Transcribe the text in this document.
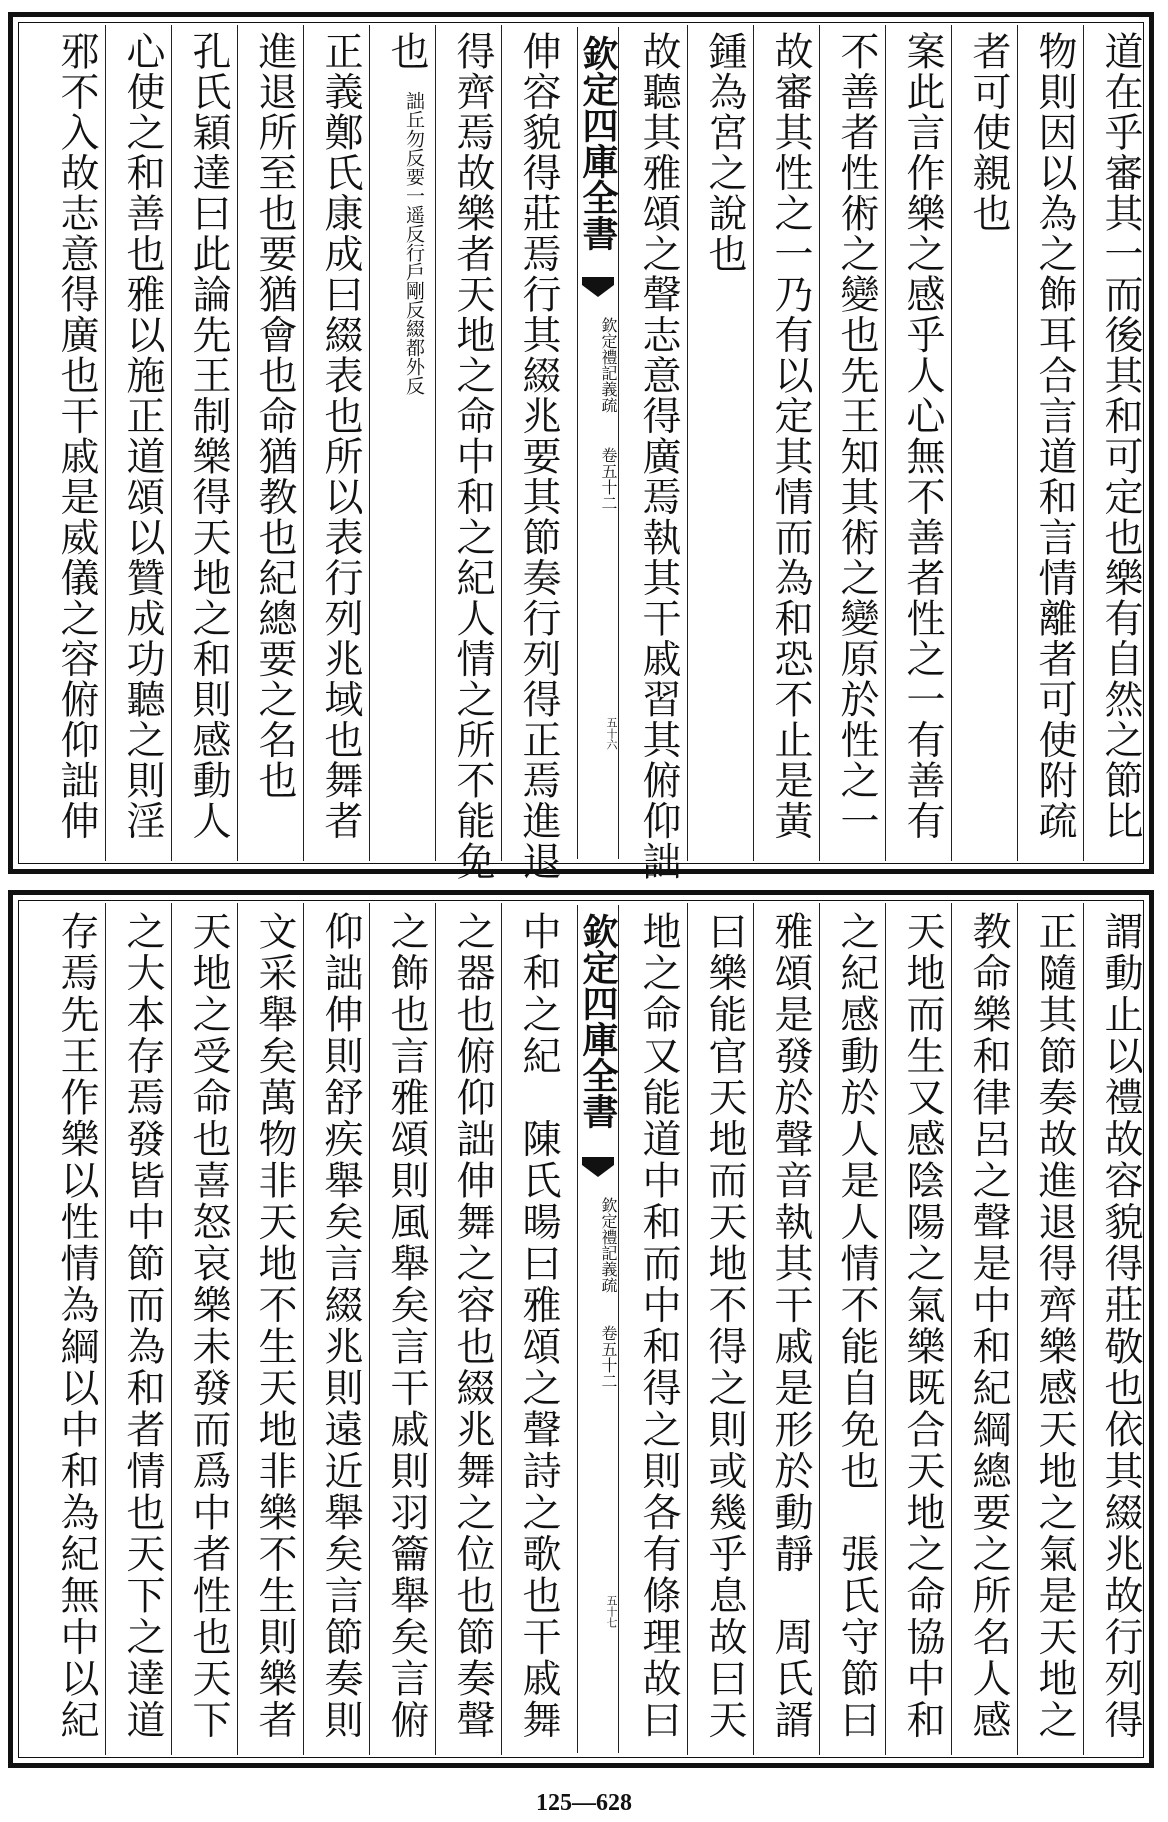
道在乎審其一而後其和可定也樂有自然之節比
物則因以為之飾耳合言道和言情離者可使附疏
者可使親也
案此言作樂之感乎人心無不善者性之一有善有
不善者性術之變也先王知其術之變原於性之一
故審其性之一乃有以定其情而為和恐不止是黃
鍾為宮之說也
故聽其雅頌之聲志意得廣焉執其干戚習其俯仰詘
欽定四庫全書
欽定禮記義疏
卷五十二
五十六
伸容貌得莊焉行其綴兆要其節奏行列得正焉進退
得齊焉故樂者天地之命中和之紀人情之所不能免
也
詘丘勿反要一遥反行戶剛反綴都外反
正義鄭氏康成曰綴表也所以表行列兆域也舞者
進退所至也要猶會也命猶教也紀總要之名也
孔氏穎達曰此論先王制樂得天地之和則感動人
心使之和善也雅以施正道頌以贊成功聽之則淫
邪不入故志意得廣也干戚是威儀之容俯仰詘伸
謂動止以禮故容貌得莊敬也依其綴兆故行列得
正隨其節奏故進退得齊樂感天地之氣是天地之
教命樂和律呂之聲是中和紀綱總要之所名人感
天地而生又感陰陽之氣樂既合天地之命協中和
之紀感動於人是人情不能自免也　張氏守節曰
雅頌是發於聲音執其干戚是形於動靜　周氏諝
曰樂能官天地而天地不得之則或幾乎息故曰天
地之命又能道中和而中和得之則各有條理故曰
欽定四庫全書
欽定禮記義疏
卷五十二
五十七
中和之紀　陳氏暘曰雅頌之聲詩之歌也干戚舞
之器也俯仰詘伸舞之容也綴兆舞之位也節奏聲
之飾也言雅頌則風舉矣言干戚則羽籥舉矣言俯
仰詘伸則舒疾舉矣言綴兆則遠近舉矣言節奏則
文采舉矣萬物非天地不生天地非樂不生則樂者
天地之受命也喜怒哀樂未發而爲中者性也天下
之大本存焉發皆中節而為和者情也天下之達道
存焉先王作樂以性情為綱以中和為紀無中以紀
125—628
